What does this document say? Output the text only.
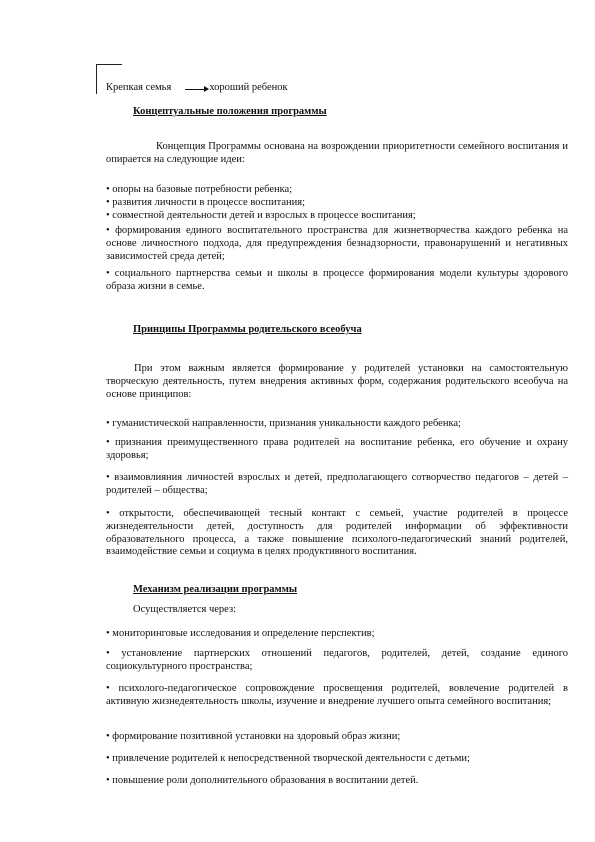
Крепкая семья	хороший ребенок
Концептуальные положения программы
Концепция Программы основана на возрождении приоритетности семейного воспитания и опирается на следующие идеи:
• опоры на базовые потребности ребенка;
• развития личности в процессе воспитания;
• совместной деятельности детей и взрослых в процессе воспитания;
• формирования единого воспитательного пространства для жизнетворчества каждого ребенка на основе личностного подхода, для предупреждения безнадзорности, правонарушений и негативных зависимостей среда детей;
• социального партнерства семьи и школы в процессе формирования модели культуры здорового образа жизни в семье.
Принципы Программы родительского всеобуча
При этом важным является формирование у родителей установки на самостоятельную творческую деятельность, путем внедрения активных форм, содержания родительского всеобуча на основе принципов:
• гуманистической направленности, признания уникальности каждого ребенка;
• признания преимущественного права родителей на воспитание ребенка, его обучение и охрану здоровья;
• взаимовлияния личностей взрослых и детей, предполагающего сотворчество педагогов – детей – родителей – общества;
• открытости, обеспечивающей тесный контакт с семьей, участие родителей в процессе жизнедеятельности детей, доступность для родителей информации об эффективности образовательного процесса, а также повышение психолого-педагогический знаний родителей, взаимодействие семьи и социума в целях продуктивного воспитания.
Механизм реализации программы
Осуществляется через:
• мониторинговые исследования и определение перспектив;
• установление партнерских отношений педагогов, родителей, детей, создание единого социокультурного пространства;
• психолого-педагогическое сопровождение просвещения родителей, вовлечение родителей в активную жизнедеятельность школы, изучение и внедрение лучшего опыта семейного воспитания;
• формирование позитивной установки на здоровый образ жизни;
• привлечение родителей к непосредственной творческой деятельности с детьми;
• повышение роли дополнительного образования в воспитании детей.
